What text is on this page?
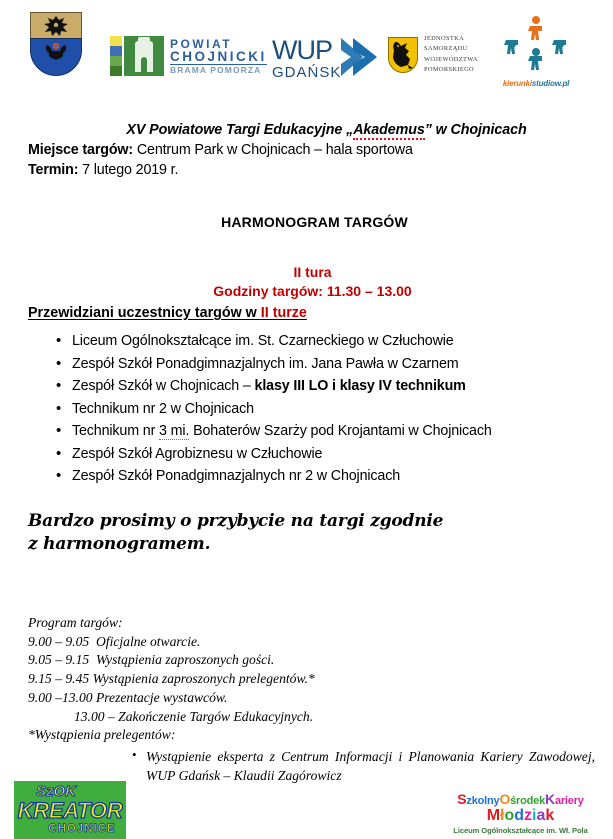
POWIAT
CHOJNICKI
BRAMA POMORZA
WUP
GDAŃSK
JEDNOSTKA
SAMORZĄDU
WOJEWÓDZTWA
POMORSKIEGO
kierunkistudiow.pl
XV Powiatowe Targi Edukacyjne „Akademus” w Chojnicach
Miejsce targów: Centrum Park w Chojnicach – hala sportowa
Termin: 7 lutego 2019 r.
HARMONOGRAM TARGÓW
II tura
Godziny targów: 11.30 – 13.00
Przewidziani uczestnicy targów w II turze
• Liceum Ogólnokształcące im. St. Czarneckiego w Człuchowie
• Zespół Szkół Ponadgimnazjalnych im. Jana Pawła w Czarnem
• Zespół Szkół w Chojnicach – klasy III LO i klasy IV technikum
• Technikum nr 2 w Chojnicach
• Technikum nr 3 mi. Bohaterów Szarży pod Krojantami w Chojnicach
• Zespół Szkół Agrobiznesu w Człuchowie
• Zespół Szkół Ponadgimnazjalnych nr 2 w Chojnicach
Bardzo prosimy o przybycie na targi zgodnie
z harmonogramem.
Program targów:
9.00 – 9.05  Oficjalne otwarcie.
9.05 – 9.15  Wystąpienia zaproszonych gości.
9.15 – 9.45 Wystąpienia zaproszonych prelegentów.*
9.00 –13.00 Prezentacje wystawców.
13.00 – Zakończenie Targów Edukacyjnych.
*Wystąpienia prelegentów:
• Wystąpienie eksperta z Centrum Informacji i Planowania Kariery Zawodowej, WUP Gdańsk – Klaudii Zagórowicz
SzOK
KREATOR
CHOJNICE
SzkolnyOśrodekKariery
Młodziak
Liceum Ogólnokształcące im. Wł. Pola
